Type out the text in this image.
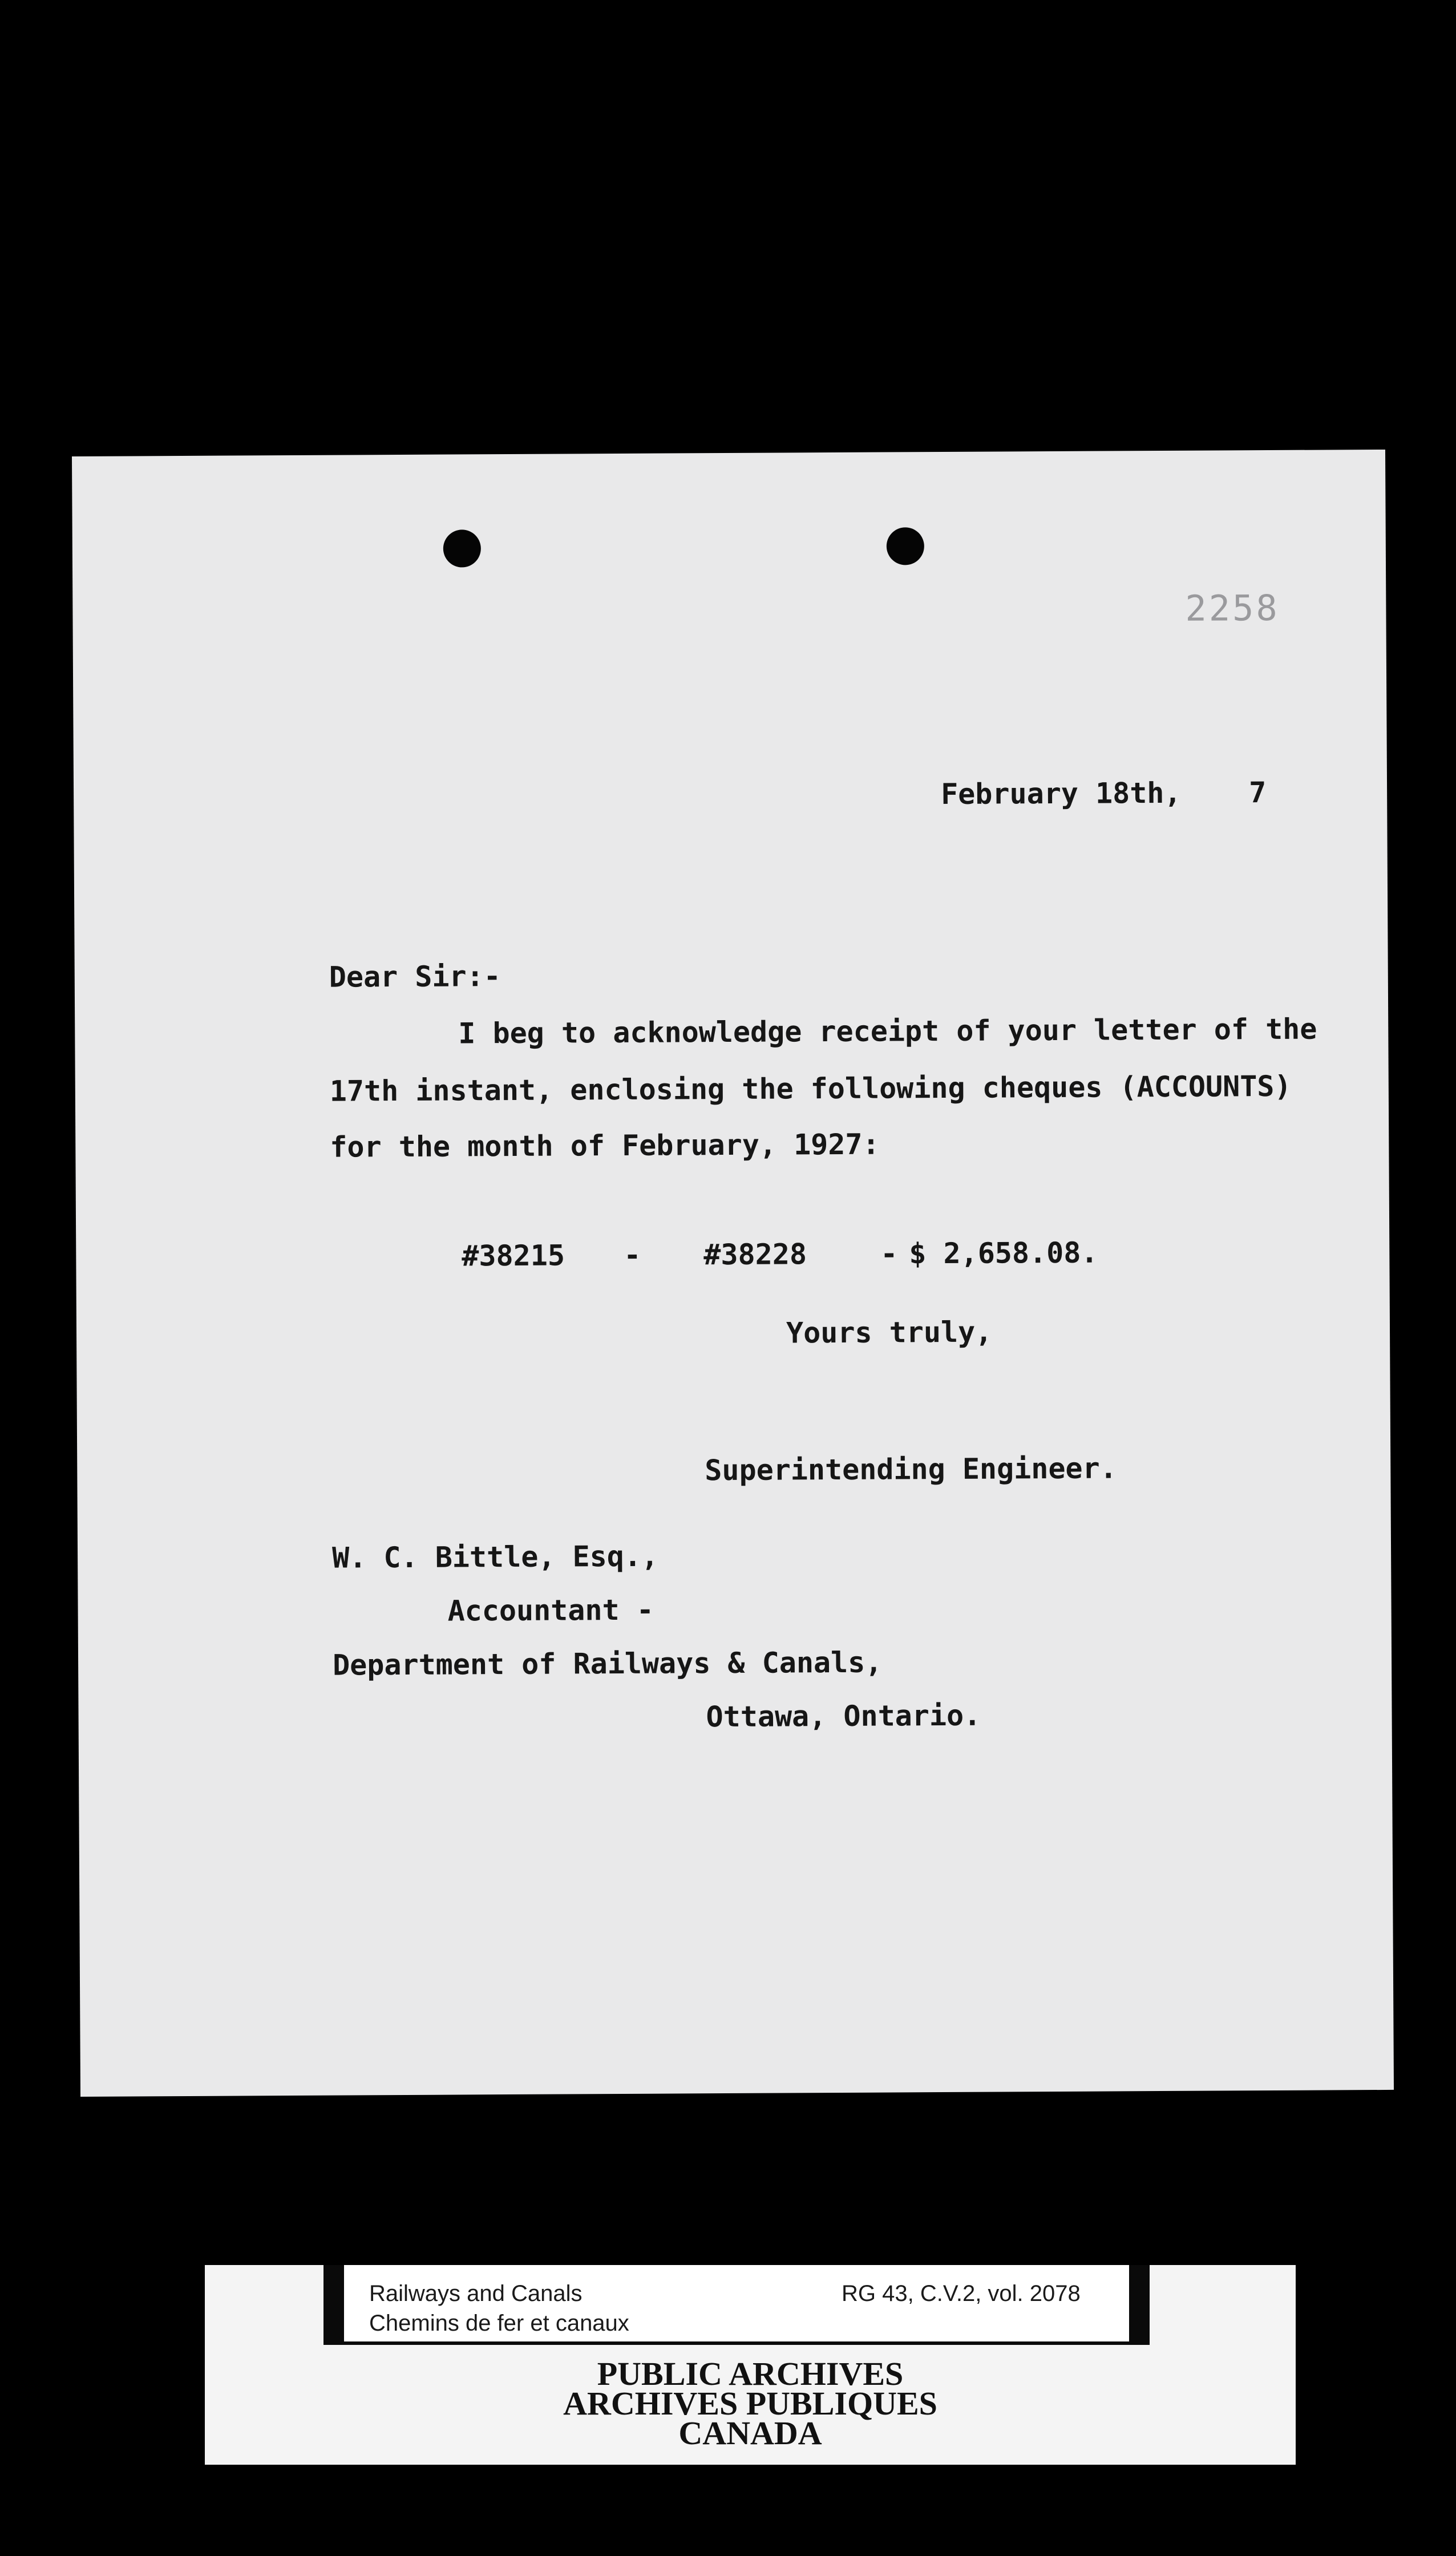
2258
February 18th, 7
Dear Sir:-
I beg to acknowledge receipt of your letter of the
17th instant, enclosing the following cheques (ACCOUNTS)
for the month of February, 1927:
#38215 - #38228	- $ 2,658.08.
Yours truly,
Superintending Engineer.
W. C. Bittle, Esq.,
Accountant -
Department of Railways & Canals,
Ottawa, Ontario.
Railways and Canals
Chemins de fer et canaux
RG 43, C.V.2, vol. 2078
PUBLIC ARCHIVES
ARCHIVES PUBLIQUES
CANADA
